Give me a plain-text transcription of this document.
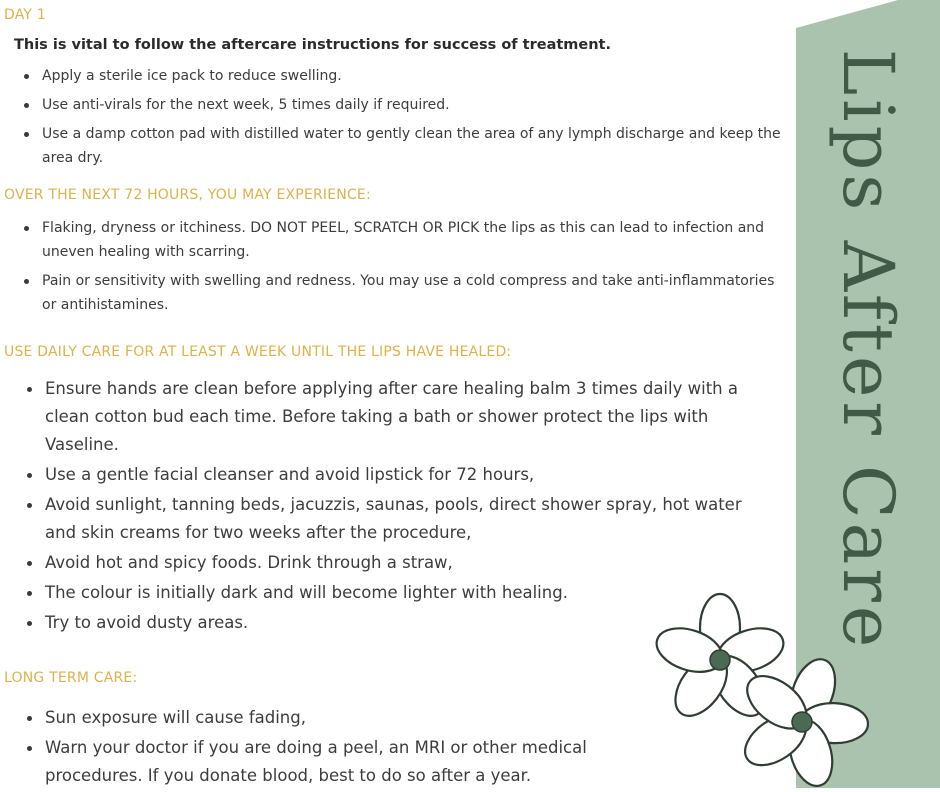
DAY 1

This is vital to follow the aftercare instructions for success of treatment.

Apply a sterile ice pack to reduce swelling.
Use anti-virals for the next week, 5 times daily if required.
Use a damp cotton pad with distilled water to gently clean the area of any lymph discharge and keep the area dry.
OVER THE NEXT 72 HOURS, YOU MAY EXPERIENCE:
Flaking, dryness or itchiness. DO NOT PEEL, SCRATCH OR PICK the lips as this can lead to infection and uneven healing with scarring.
Pain or sensitivity with swelling and redness. You may use a cold compress and take anti-inflammatories or antihistamines.
USE DAILY CARE FOR AT LEAST A WEEK UNTIL THE LIPS HAVE HEALED:
Ensure hands are clean before applying after care healing balm 3 times daily with a clean cotton bud each time. Before taking a bath or shower protect the lips with Vaseline.
Use a gentle facial cleanser and avoid lipstick for 72 hours,
Avoid sunlight, tanning beds, jacuzzis, saunas, pools, direct shower spray, hot water and skin creams for two weeks after the procedure,
Avoid hot and spicy foods. Drink through a straw,
The colour is initially dark and will become lighter with healing.
Try to avoid dusty areas.
LONG TERM CARE:
Sun exposure will cause fading,
Warn your doctor if you are doing a peel, an MRI or other medical procedures. If you donate blood, best to do so after a year.
Lips After Care
